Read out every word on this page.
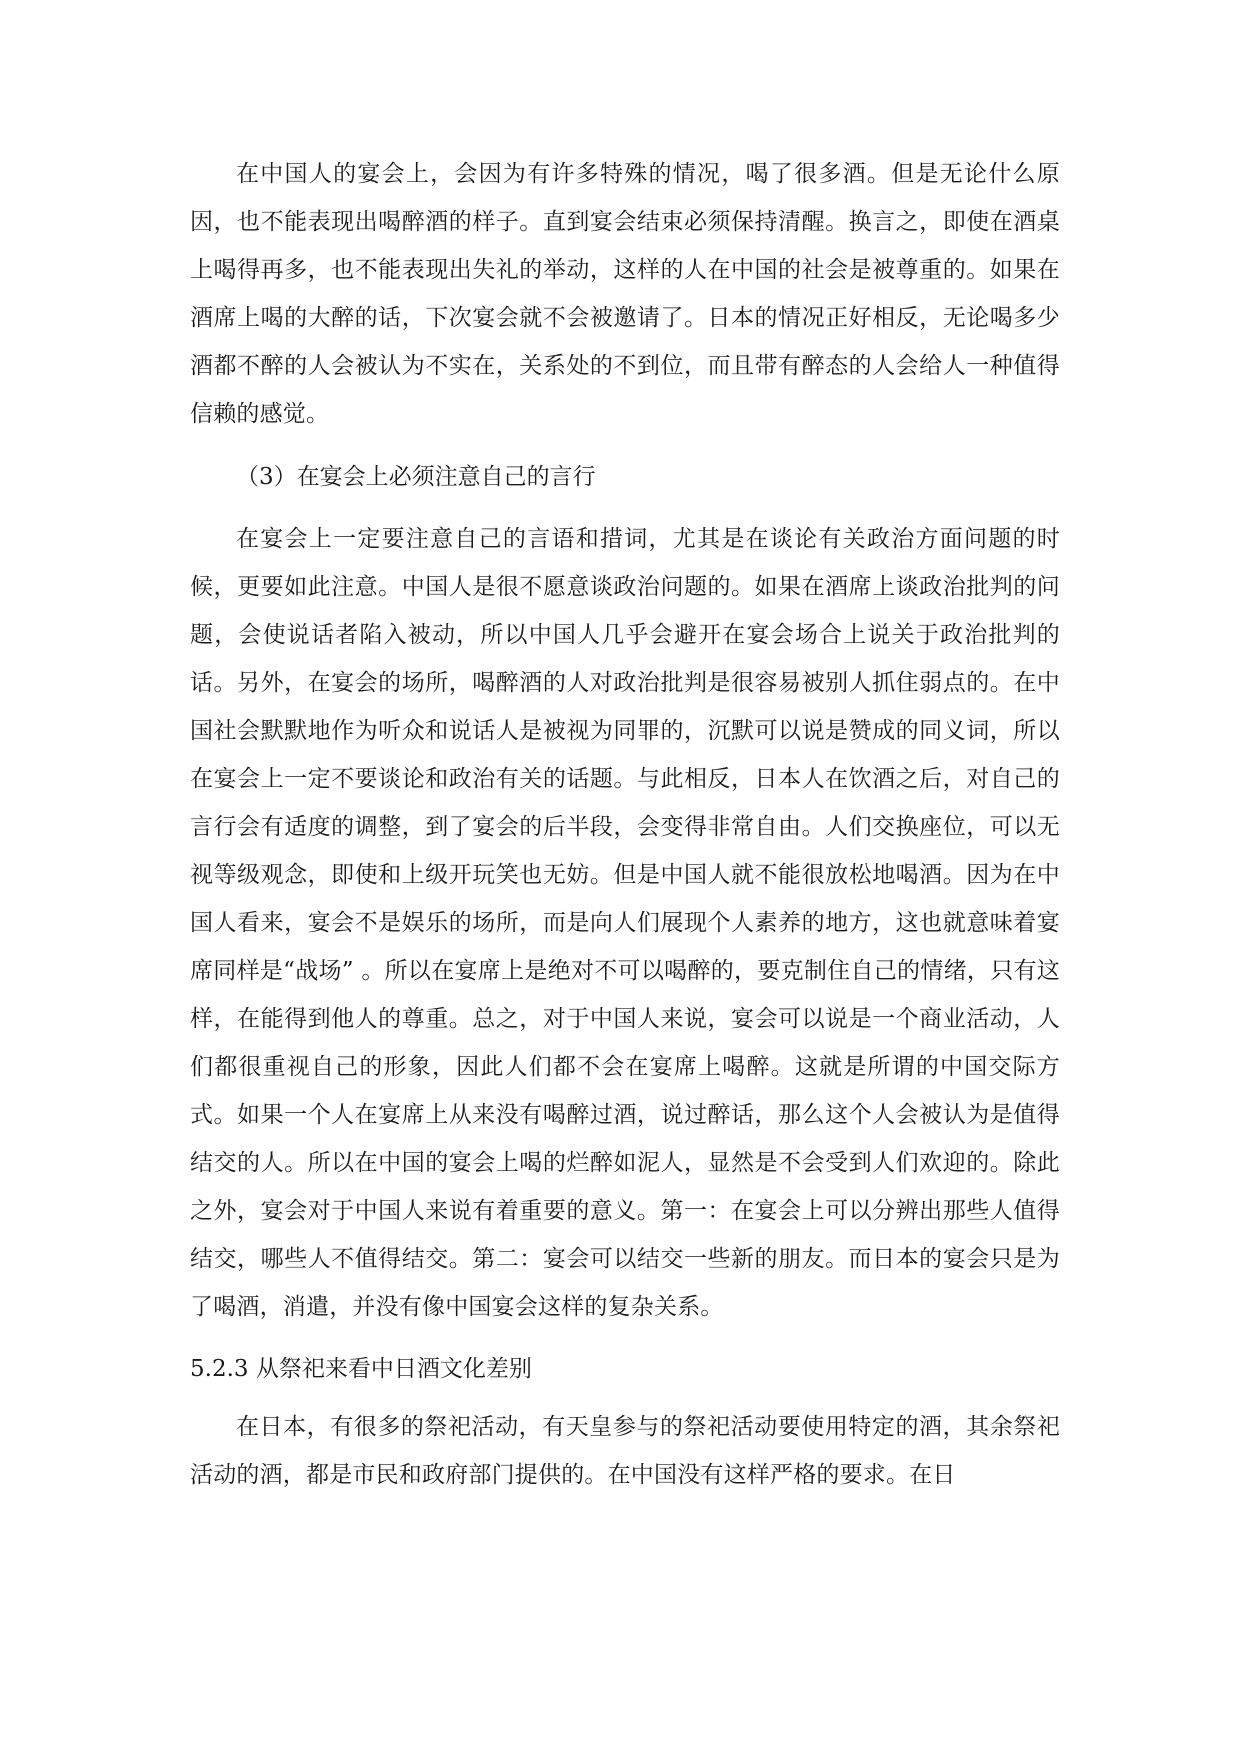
在中国人的宴会上，会因为有许多特殊的情况，喝了很多酒。但是无论什么原因，也不能表现出喝醉酒的样子。直到宴会结束必须保持清醒。换言之，即使在酒桌上喝得再多，也不能表现出失礼的举动，这样的人在中国的社会是被尊重的。如果在酒席上喝的大醉的话，下次宴会就不会被邀请了。日本的情况正好相反，无论喝多少酒都不醉的人会被认为不实在，关系处的不到位，而且带有醉态的人会给人一种值得信赖的感觉。

（3）在宴会上必须注意自己的言行

在宴会上一定要注意自己的言语和措词，尤其是在谈论有关政治方面问题的时候，更要如此注意。中国人是很不愿意谈政治问题的。如果在酒席上谈政治批判的问题，会使说话者陷入被动，所以中国人几乎会避开在宴会场合上说关于政治批判的话。另外，在宴会的场所，喝醉酒的人对政治批判是很容易被别人抓住弱点的。在中国社会默默地作为听众和说话人是被视为同罪的，沉默可以说是赞成的同义词，所以在宴会上一定不要谈论和政治有关的话题。与此相反，日本人在饮酒之后，对自己的言行会有适度的调整，到了宴会的后半段，会变得非常自由。人们交换座位，可以无视等级观念，即使和上级开玩笑也无妨。但是中国人就不能很放松地喝酒。因为在中国人看来，宴会不是娱乐的场所，而是向人们展现个人素养的地方，这也就意味着宴席同样是“战场” 。所以在宴席上是绝对不可以喝醉的，要克制住自己的情绪，只有这样，在能得到他人的尊重。总之，对于中国人来说，宴会可以说是一个商业活动，人们都很重视自己的形象，因此人们都不会在宴席上喝醉。这就是所谓的中国交际方式。如果一个人在宴席上从来没有喝醉过酒，说过醉话，那么这个人会被认为是值得结交的人。所以在中国的宴会上喝的烂醉如泥人，显然是不会受到人们欢迎的。除此之外，宴会对于中国人来说有着重要的意义。第一：在宴会上可以分辨出那些人值得结交，哪些人不值得结交。第二：宴会可以结交一些新的朋友。而日本的宴会只是为了喝酒，消遣，并没有像中国宴会这样的复杂关系。

5.2.3 从祭祀来看中日酒文化差别

在日本，有很多的祭祀活动，有天皇参与的祭祀活动要使用特定的酒，其余祭祀活动的酒，都是市民和政府部门提供的。在中国没有这样严格的要求。在日
